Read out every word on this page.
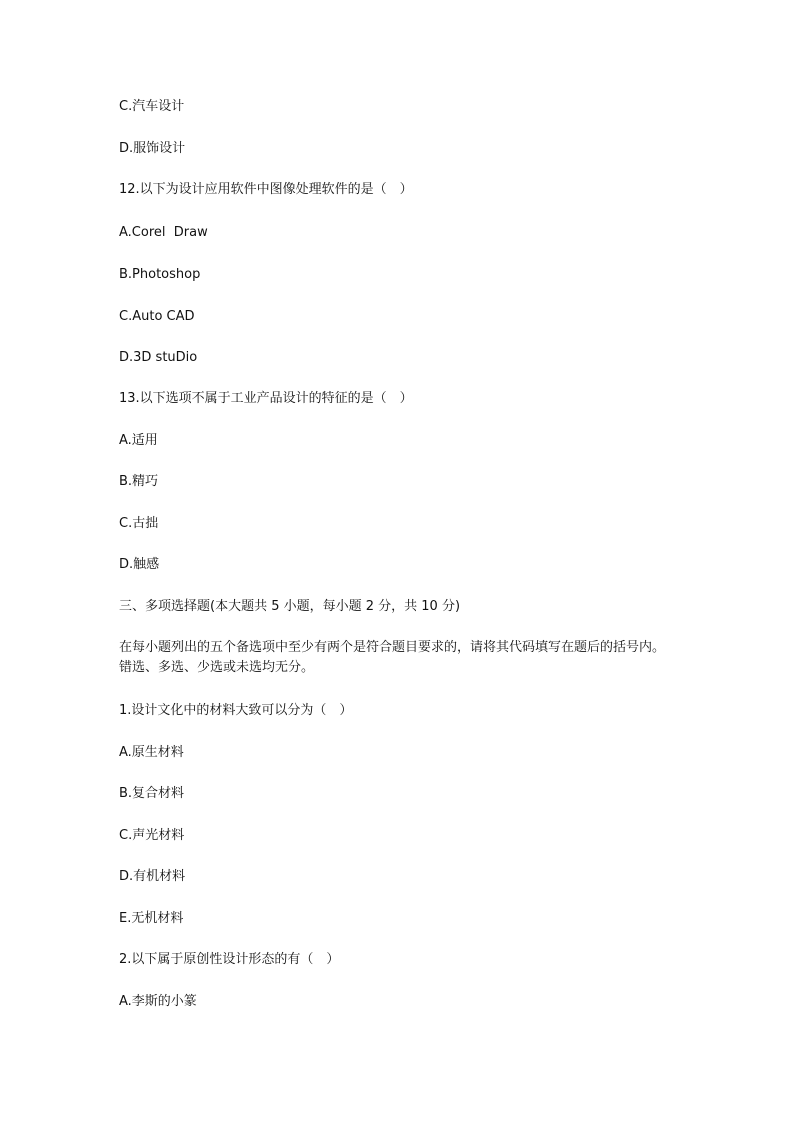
C.汽车设计
D.服饰设计
12.以下为设计应用软件中图像处理软件的是（　）
A.Corel  Draw
B.Photoshop
C.Auto CAD
D.3D stuDio
13.以下选项不属于工业产品设计的特征的是（　）
A.适用
B.精巧
C.古拙
D.触感
三、多项选择题(本大题共 5 小题，每小题 2 分，共 10 分)
在每小题列出的五个备选项中至少有两个是符合题目要求的，请将其代码填写在题后的括号内。错选、多选、少选或未选均无分。
1.设计文化中的材料大致可以分为（　）
A.原生材料
B.复合材料
C.声光材料
D.有机材料
E.无机材料
2.以下属于原创性设计形态的有（　）
A.李斯的小篆
